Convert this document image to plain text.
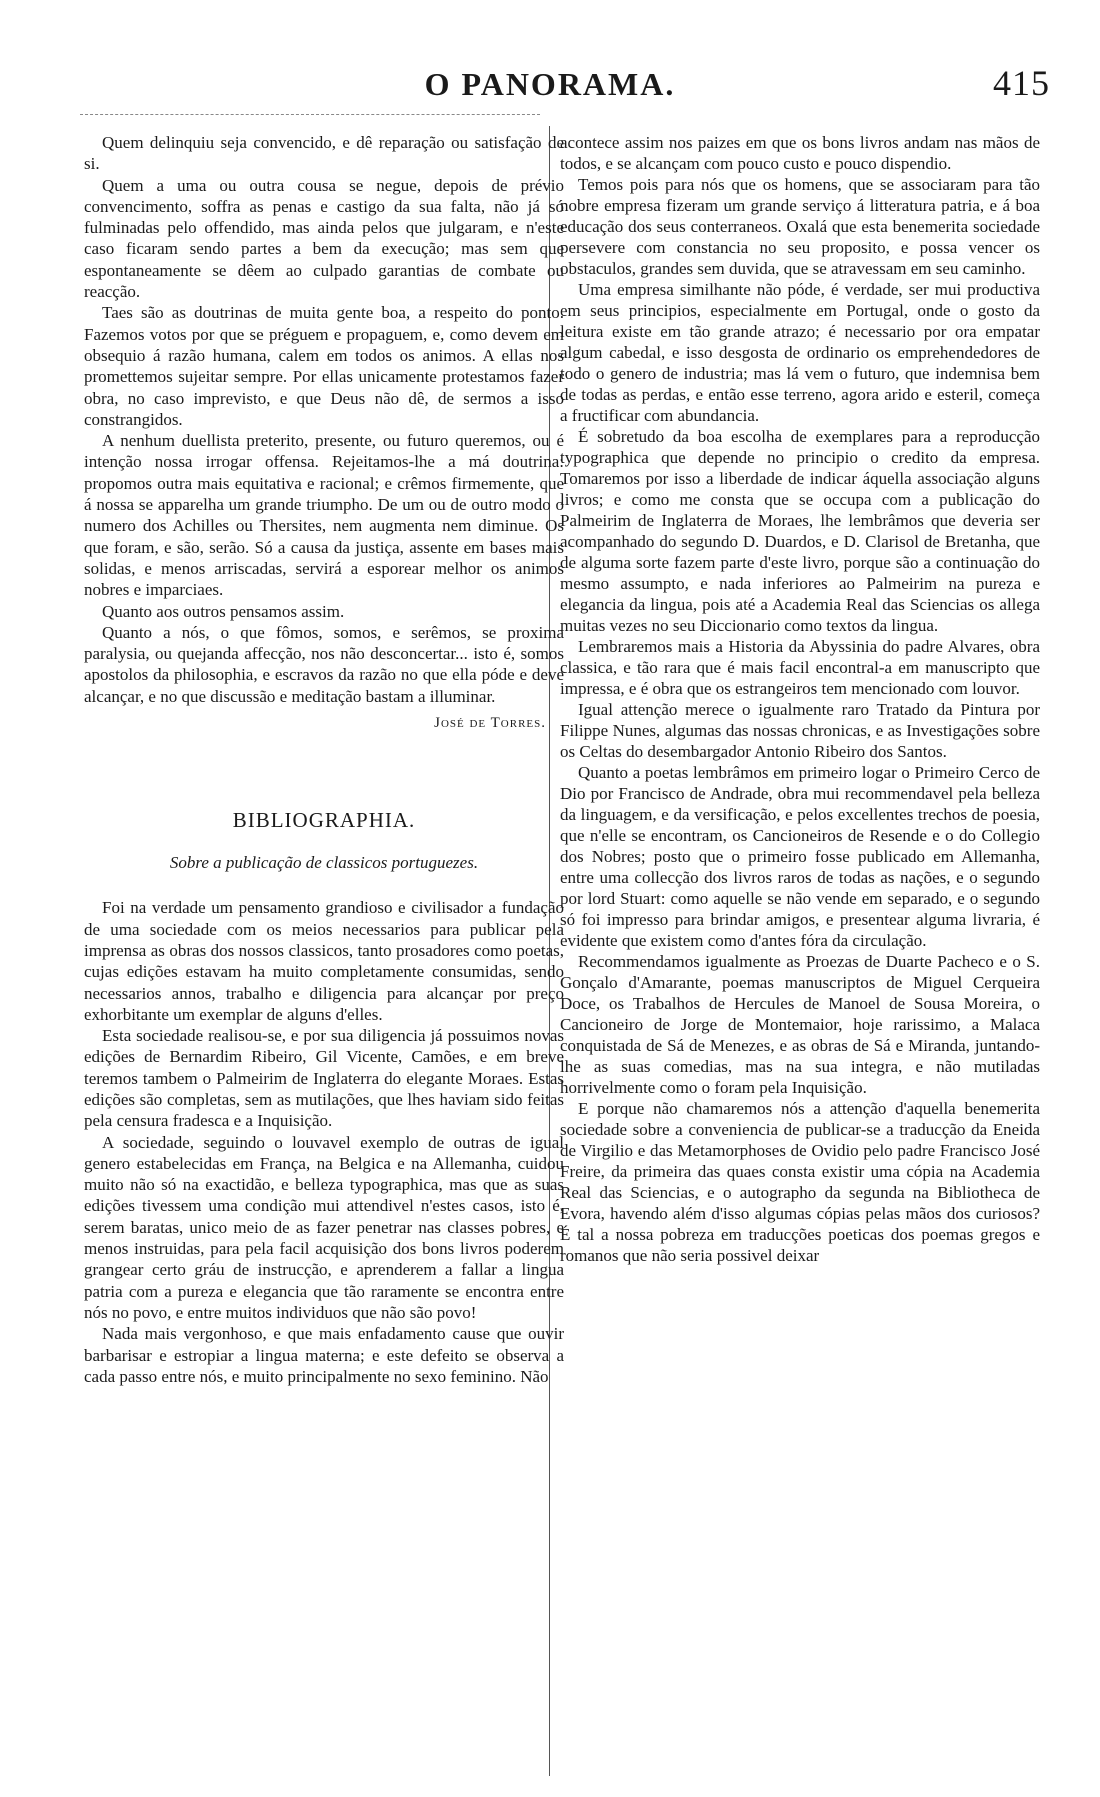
O PANORAMA.	415

Quem delinquiu seja convencido, e dê reparação ou satisfação de si.

Quem a uma ou outra cousa se negue, depois de prévio convencimento, soffra as penas e castigo da sua falta, não já só fulminadas pelo offendido, mas ainda pelos que julgaram, e n'este caso ficaram sendo partes a bem da execução; mas sem que espontaneamente se dêem ao culpado garantias de combate ou reacção.

Taes são as doutrinas de muita gente boa, a respeito do ponto. Fazemos votos por que se préguem e propaguem, e, como devem em obsequio á razão humana, calem em todos os animos. A ellas nos promettemos sujeitar sempre. Por ellas unicamente protestamos fazer obra, no caso imprevisto, e que Deus não dê, de sermos a isso constrangidos.

A nenhum duellista preterito, presente, ou futuro queremos, ou é intenção nossa irrogar offensa. Rejeitamos-lhe a má doutrina: propomos outra mais equitativa e racional; e crêmos firmemente, que á nossa se apparelha um grande triumpho. De um ou de outro modo o numero dos Achilles ou Thersites, nem augmenta nem diminue. Os que foram, e são, serão. Só a causa da justiça, assente em bases mais solidas, e menos arriscadas, servirá a esporear melhor os animos nobres e imparciaes.

Quanto aos outros pensamos assim.

Quanto a nós, o que fômos, somos, e serêmos, se proxima paralysia, ou quejanda affecção, nos não desconcertar... isto é, somos apostolos da philosophia, e escravos da razão no que ella póde e deve alcançar, e no que discussão e meditação bastam a illuminar.

José de Torres.

BIBLIOGRAPHIA.
Sobre a publicação de classicos portuguezes.

Foi na verdade um pensamento grandioso e civilisador a fundação de uma sociedade com os meios necessarios para publicar pela imprensa as obras dos nossos classicos, tanto prosadores como poetas, cujas edições estavam ha muito completamente consumidas, sendo necessarios annos, trabalho e diligencia para alcançar por preço exhorbitante um exemplar de alguns d'elles.

Esta sociedade realisou-se, e por sua diligencia já possuimos novas edições de Bernardim Ribeiro, Gil Vicente, Camões, e em breve teremos tambem o Palmeirim de Inglaterra do elegante Moraes. Estas edições são completas, sem as mutilações, que lhes haviam sido feitas pela censura fradesca e a Inquisição.

A sociedade, seguindo o louvavel exemplo de outras de igual genero estabelecidas em França, na Belgica e na Allemanha, cuidou muito não só na exactidão, e belleza typographica, mas que as suas edições tivessem uma condição mui attendivel n'estes casos, isto é, serem baratas, unico meio de as fazer penetrar nas classes pobres, e menos instruidas, para pela facil acquisição dos bons livros poderem grangear certo gráu de instrucção, e aprenderem a fallar a lingua patria com a pureza e elegancia que tão raramente se encontra entre nós no povo, e entre muitos individuos que não são povo!

Nada mais vergonhoso, e que mais enfadamento cause que ouvir barbarisar e estropiar a lingua materna; e este defeito se observa a cada passo entre nós, e muito principalmente no sexo feminino. Não

acontece assim nos paizes em que os bons livros andam nas mãos de todos, e se alcançam com pouco custo e pouco dispendio.

Temos pois para nós que os homens, que se associaram para tão nobre empresa fizeram um grande serviço á litteratura patria, e á boa educação dos seus conterraneos. Oxalá que esta benemerita sociedade persevere com constancia no seu proposito, e possa vencer os obstaculos, grandes sem duvida, que se atravessam em seu caminho.

Uma empresa similhante não póde, é verdade, ser mui productiva em seus principios, especialmente em Portugal, onde o gosto da leitura existe em tão grande atrazo; é necessario por ora empatar algum cabedal, e isso desgosta de ordinario os emprehendedores de todo o genero de industria; mas lá vem o futuro, que indemnisa bem de todas as perdas, e então esse terreno, agora arido e esteril, começa a fructificar com abundancia.

É sobretudo da boa escolha de exemplares para a reproducção typographica que depende no principio o credito da empresa. Tomaremos por isso a liberdade de indicar áquella associação alguns livros; e como me consta que se occupa com a publicação do Palmeirim de Inglaterra de Moraes, lhe lembrâmos que deveria ser acompanhado do segundo D. Duardos, e D. Clarisol de Bretanha, que de alguma sorte fazem parte d'este livro, porque são a continuação do mesmo assumpto, e nada inferiores ao Palmeirim na pureza e elegancia da lingua, pois até a Academia Real das Sciencias os allega muitas vezes no seu Diccionario como textos da lingua.

Lembraremos mais a Historia da Abyssinia do padre Alvares, obra classica, e tão rara que é mais facil encontral-a em manuscripto que impressa, e é obra que os estrangeiros tem mencionado com louvor.

Igual attenção merece o igualmente raro Tratado da Pintura por Filippe Nunes, algumas das nossas chronicas, e as Investigações sobre os Celtas do desembargador Antonio Ribeiro dos Santos.

Quanto a poetas lembrâmos em primeiro logar o Primeiro Cerco de Dio por Francisco de Andrade, obra mui recommendavel pela belleza da linguagem, e da versificação, e pelos excellentes trechos de poesia, que n'elle se encontram, os Cancioneiros de Resende e o do Collegio dos Nobres; posto que o primeiro fosse publicado em Allemanha, entre uma collecção dos livros raros de todas as nações, e o segundo por lord Stuart: como aquelle se não vende em separado, e o segundo só foi impresso para brindar amigos, e presentear alguma livraria, é evidente que existem como d'antes fóra da circulação.

Recommendamos igualmente as Proezas de Duarte Pacheco e o S. Gonçalo d'Amarante, poemas manuscriptos de Miguel Cerqueira Doce, os Trabalhos de Hercules de Manoel de Sousa Moreira, o Cancioneiro de Jorge de Montemaior, hoje rarissimo, a Malaca conquistada de Sá de Menezes, e as obras de Sá e Miranda, juntando-lhe as suas comedias, mas na sua integra, e não mutiladas horrivelmente como o foram pela Inquisição.

E porque não chamaremos nós a attenção d'aquella benemerita sociedade sobre a conveniencia de publicar-se a traducção da Eneida de Virgilio e das Metamorphoses de Ovidio pelo padre Francisco José Freire, da primeira das quaes consta existir uma cópia na Academia Real das Sciencias, e o autographo da segunda na Bibliotheca de Evora, havendo além d'isso algumas cópias pelas mãos dos curiosos? É tal a nossa pobreza em traducções poeticas dos poemas gregos e romanos que não seria possivel deixar
